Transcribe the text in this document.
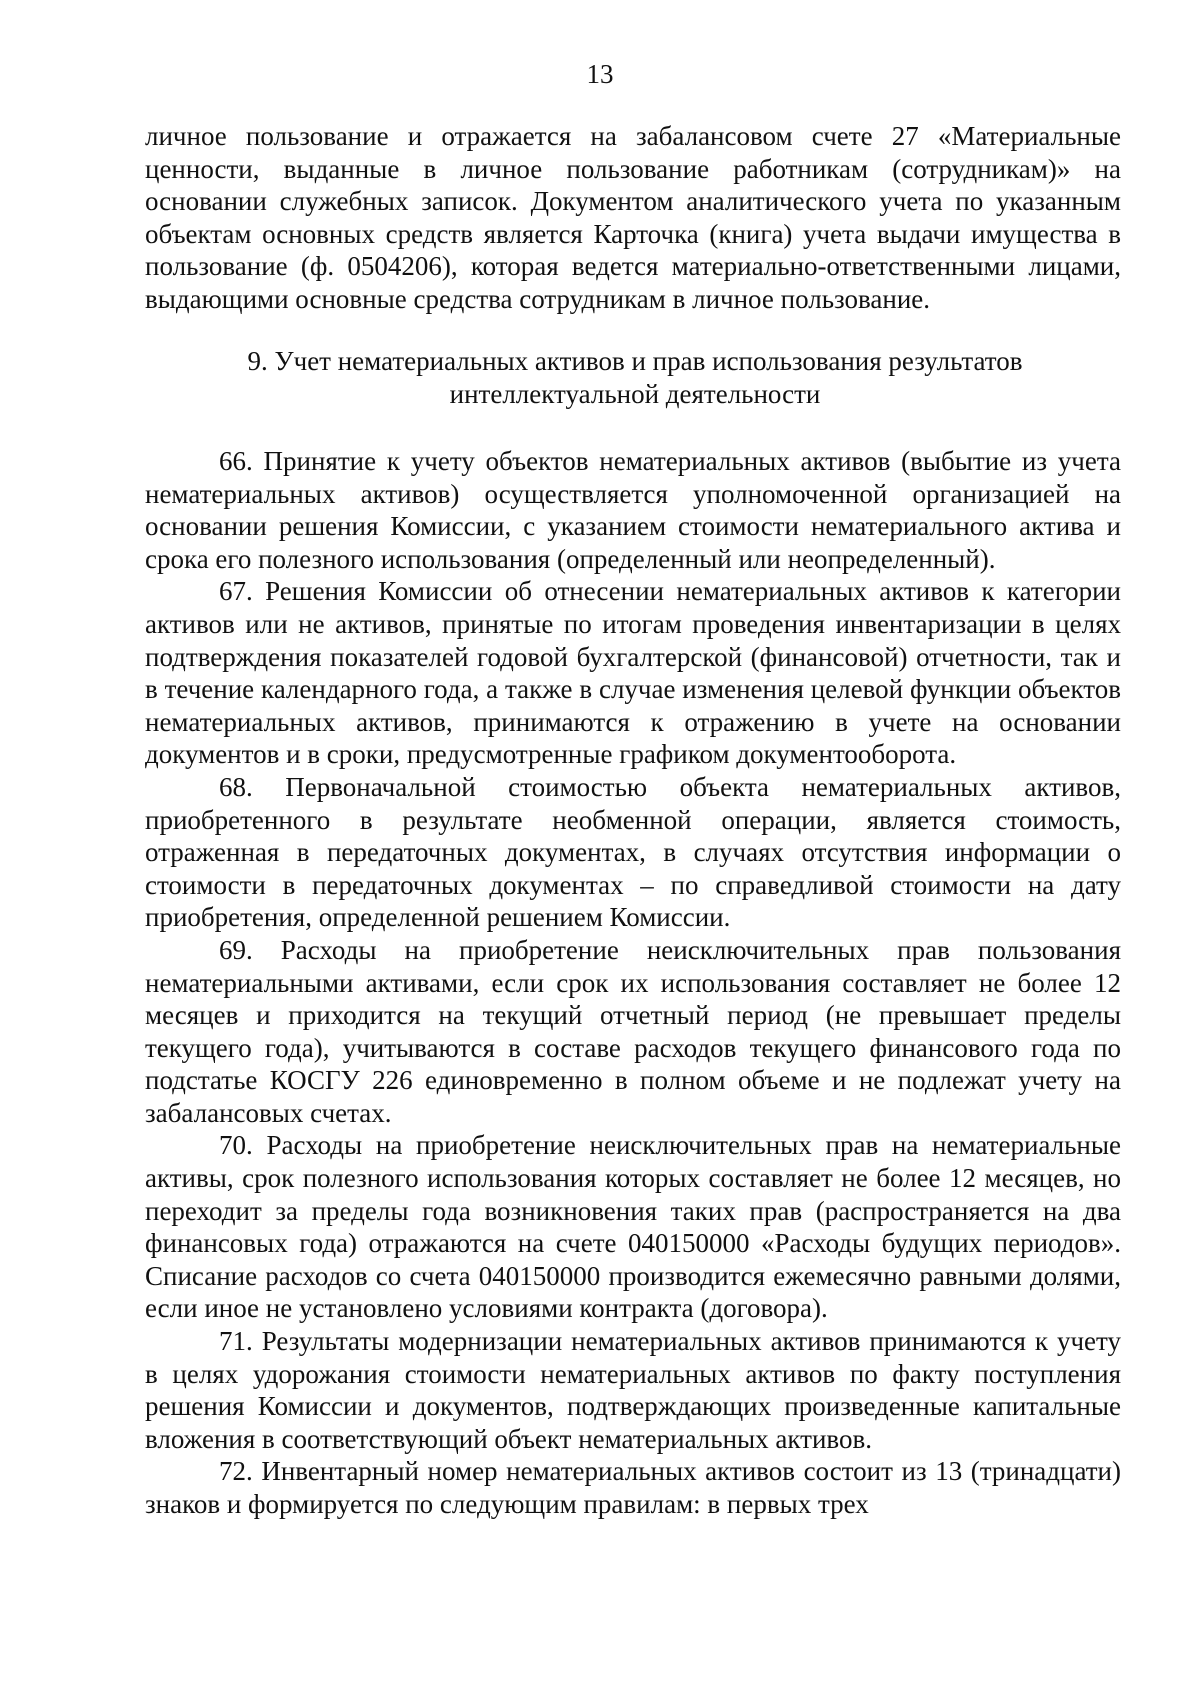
13

личное пользование и отражается на забалансовом счете 27 «Материальные ценности, выданные в личное пользование работникам (сотрудникам)» на основании служебных записок. Документом аналитического учета по указанным объектам основных средств является Карточка (книга) учета выдачи имущества в пользование (ф. 0504206), которая ведется материально-ответственными лицами, выдающими основные средства сотрудникам в личное пользование.

9. Учет нематериальных активов и прав использования результатов интеллектуальной деятельности

66. Принятие к учету объектов нематериальных активов (выбытие из учета нематериальных активов) осуществляется уполномоченной организацией на основании решения Комиссии, с указанием стоимости нематериального актива и срока его полезного использования (определенный или неопределенный).

67. Решения Комиссии об отнесении нематериальных активов к категории активов или не активов, принятые по итогам проведения инвентаризации в целях подтверждения показателей годовой бухгалтерской (финансовой) отчетности, так и в течение календарного года, а также в случае изменения целевой функции объектов нематериальных активов, принимаются к отражению в учете на основании документов и в сроки, предусмотренные графиком документооборота.

68. Первоначальной стоимостью объекта нематериальных активов, приобретенного в результате необменной операции, является стоимость, отраженная в передаточных документах, в случаях отсутствия информации о стоимости в передаточных документах – по справедливой стоимости на дату приобретения, определенной решением Комиссии.

69. Расходы на приобретение неисключительных прав пользования нематериальными активами, если срок их использования составляет не более 12 месяцев и приходится на текущий отчетный период (не превышает пределы текущего года), учитываются в составе расходов текущего финансового года по подстатье КОСГУ 226 единовременно в полном объеме и не подлежат учету на забалансовых счетах.

70. Расходы на приобретение неисключительных прав на нематериальные активы, срок полезного использования которых составляет не более 12 месяцев, но переходит за пределы года возникновения таких прав (распространяется на два финансовых года) отражаются на счете 040150000 «Расходы будущих периодов». Списание расходов со счета 040150000 производится ежемесячно равными долями, если иное не установлено условиями контракта (договора).

71. Результаты модернизации нематериальных активов принимаются к учету в целях удорожания стоимости нематериальных активов по факту поступления решения Комиссии и документов, подтверждающих произведенные капитальные вложения в соответствующий объект нематериальных активов.

72. Инвентарный номер нематериальных активов состоит из 13 (тринадцати) знаков и формируется по следующим правилам: в первых трех
